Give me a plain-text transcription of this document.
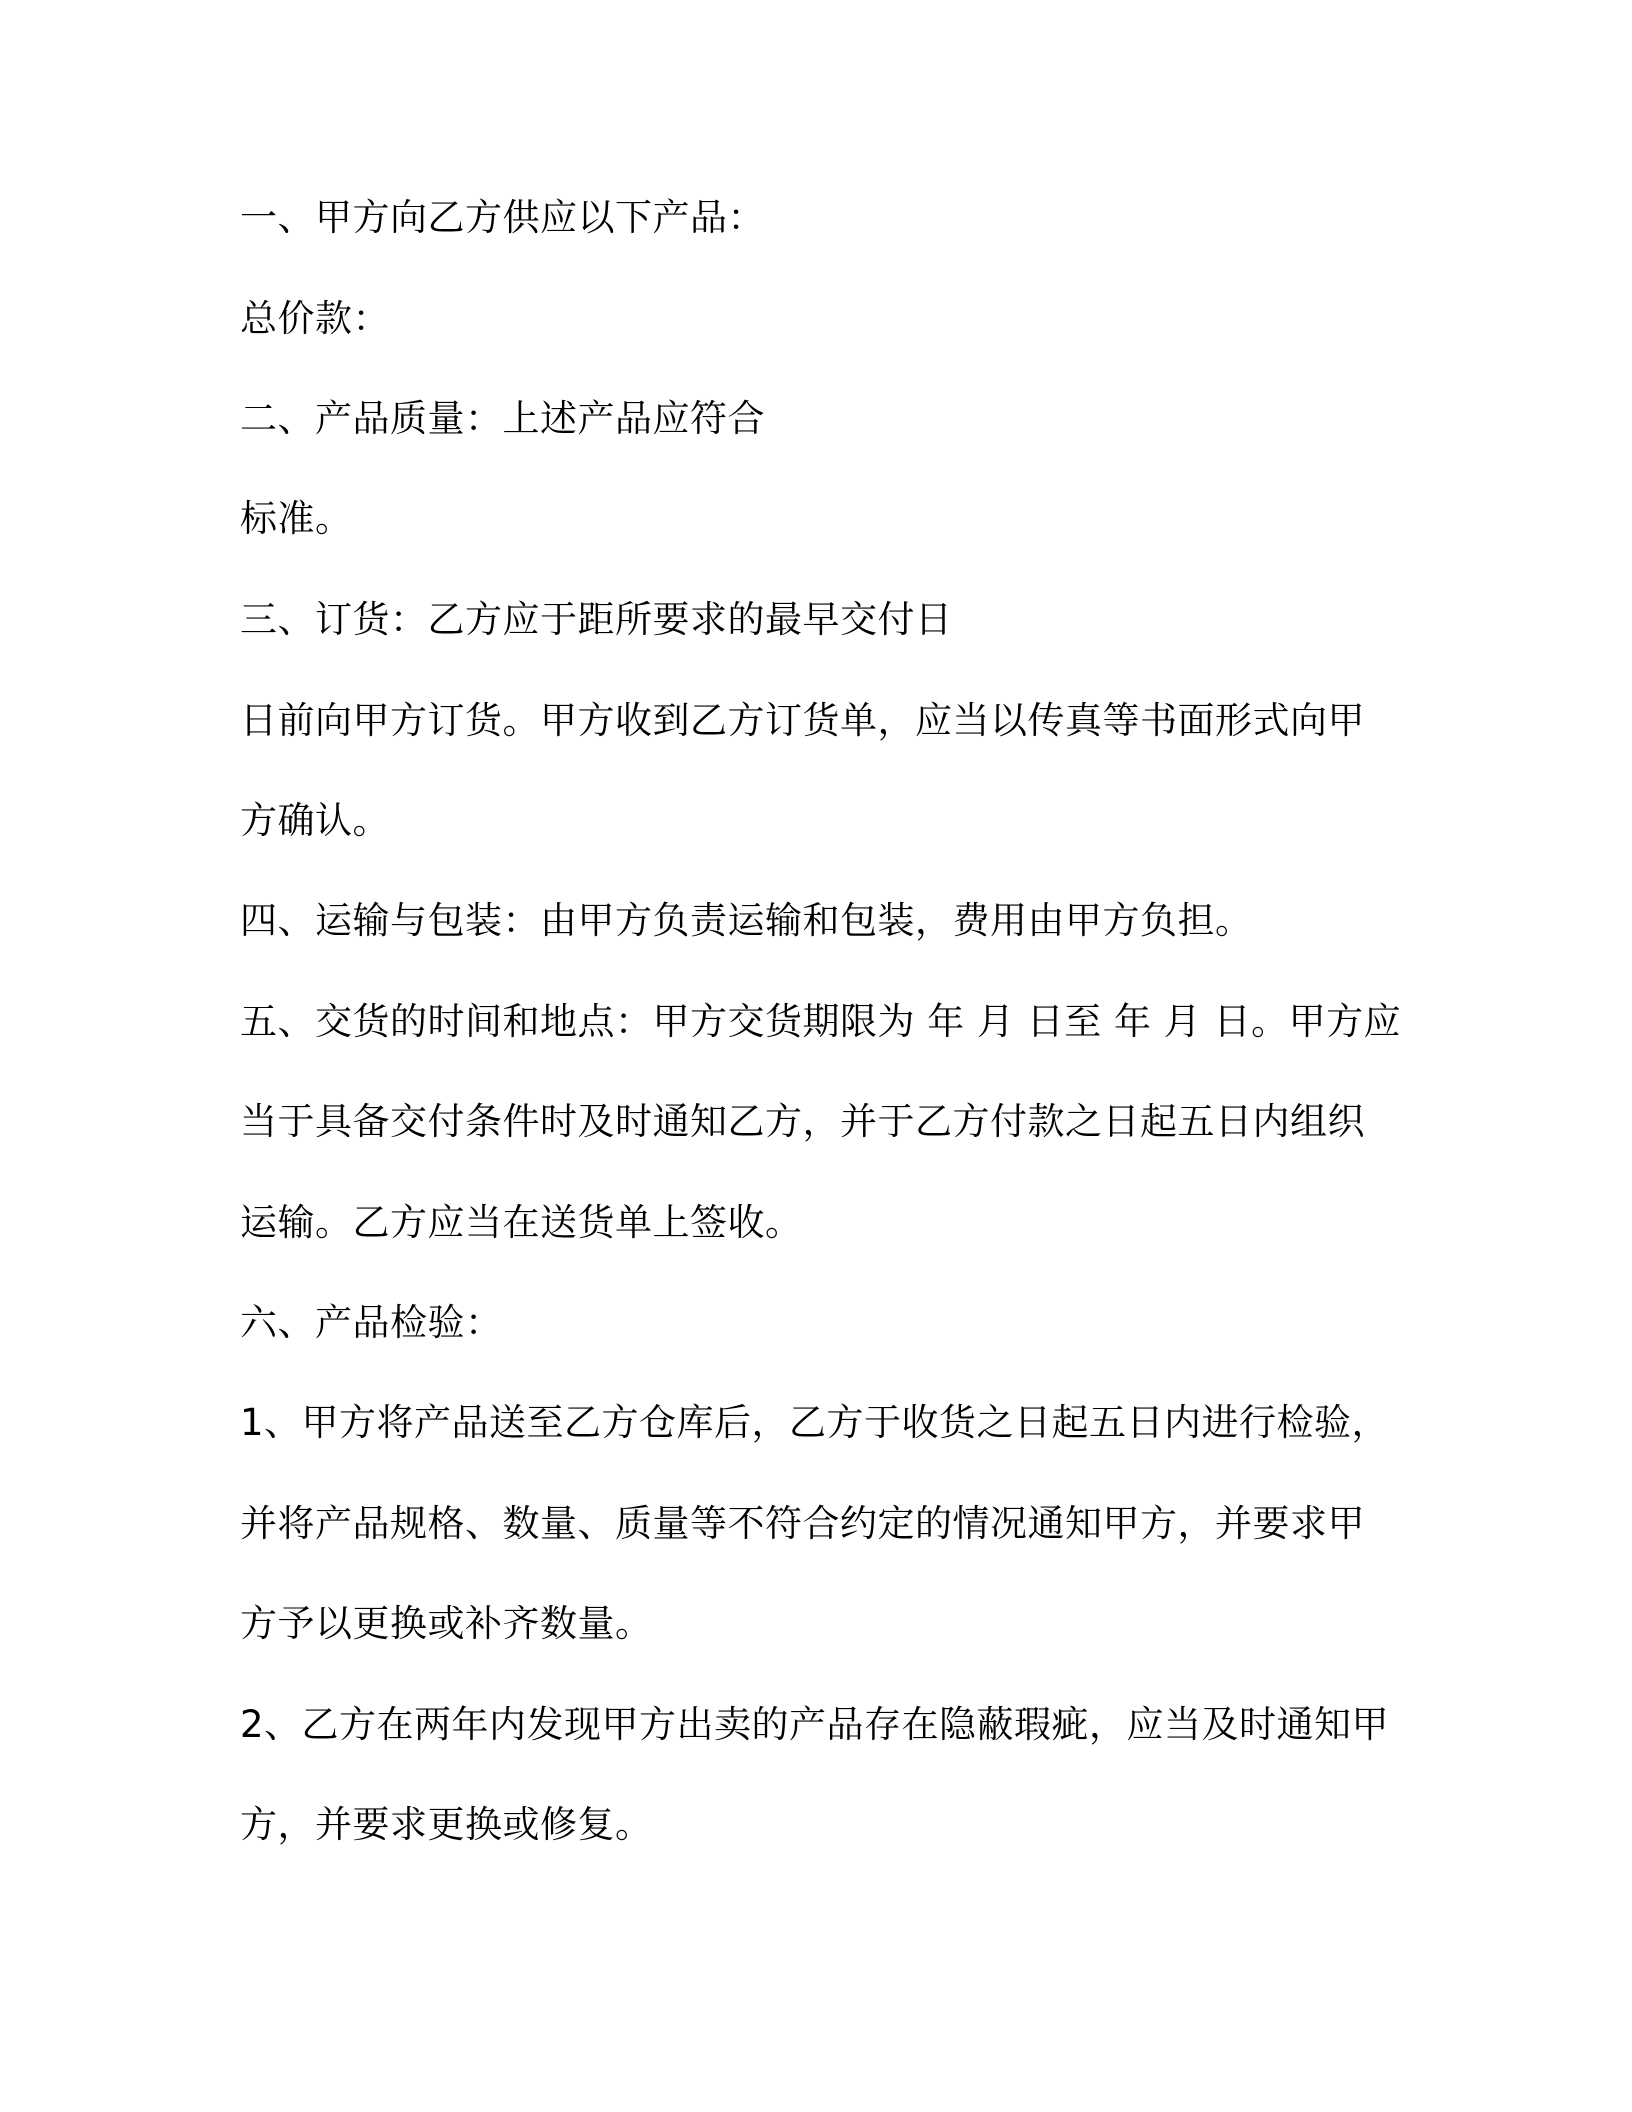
一、甲方向乙方供应以下产品：
总价款：
二、产品质量：上述产品应符合
标准。
三、订货：乙方应于距所要求的最早交付日
日前向甲方订货。甲方收到乙方订货单，应当以传真等书面形式向甲
方确认。
四、运输与包装：由甲方负责运输和包装，费用由甲方负担。
五、交货的时间和地点：甲方交货期限为 年 月 日至 年 月 日。甲方应
当于具备交付条件时及时通知乙方，并于乙方付款之日起五日内组织
运输。乙方应当在送货单上签收。
六、产品检验：
1、甲方将产品送至乙方仓库后，乙方于收货之日起五日内进行检验，
并将产品规格、数量、质量等不符合约定的情况通知甲方，并要求甲
方予以更换或补齐数量。
2、乙方在两年内发现甲方出卖的产品存在隐蔽瑕疵，应当及时通知甲
方，并要求更换或修复。
